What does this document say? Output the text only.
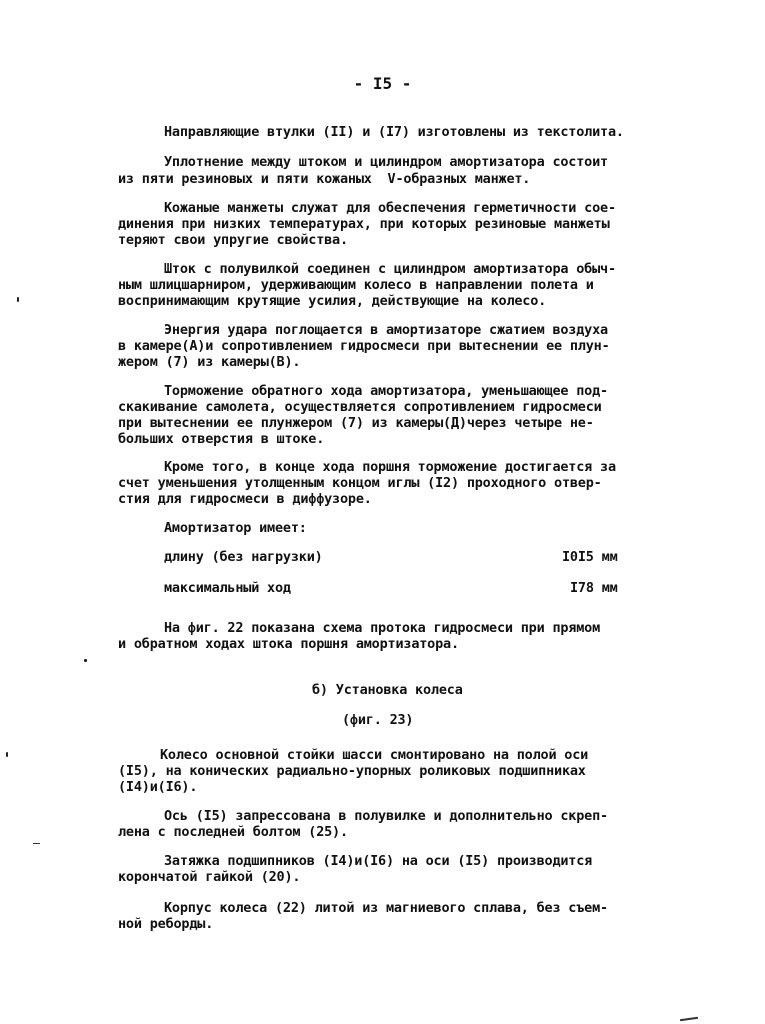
- I5 -
Направляющие втулки (II) и (I7) изготовлены из текстолита.
Уплотнение между штоком и цилиндром амортизатора состоит
из пяти резиновых и пяти кожаных  V-образных манжет.
Кожаные манжеты служат для обеспечения герметичности сое-
динения при низких температурах, при которых резиновые манжеты
теряют свои упругие свойства.
Шток с полувилкой соединен с цилиндром амортизатора обыч-
ным шлицшарниром, удерживающим колесо в направлении полета и
воспринимающим крутящие усилия, действующие на колесо.
Энергия удара поглощается в амортизаторе сжатием воздуха
в камере(А)и сопротивлением гидросмеси при вытеснении ее плун-
жером (7) из камеры(В).
Торможение обратного хода амортизатора, уменьшающее под-
скакивание самолета, осуществляется сопротивлением гидросмеси
при вытеснении ее плунжером (7) из камеры(Д)через четыре не-
больших отверстия в штоке.
Кроме того, в конце хода поршня торможение достигается за
счет уменьшения утолщенным концом иглы (I2) проходного отвер-
стия для гидросмеси в диффузоре.
Амортизатор имеет:
длину (без нагрузки)	I0I5 мм
максимальный ход	I78 мм
На фиг. 22 показана схема протока гидросмеси при прямом
и обратном ходах штока поршня амортизатора.
б) Установка колеса
(фиг. 23)
Колесо основной стойки шасси смонтировано на полой оси
(I5), на конических радиально-упорных роликовых подшипниках
(I4)и(I6).
Ось (I5) запрессована в полувилке и дополнительно скреп-
лена с последней болтом (25).
Затяжка подшипников (I4)и(I6) на оси (I5) производится
корончатой гайкой (20).
Корпус колеса (22) литой из магниевого сплава, без съем-
ной реборды.
